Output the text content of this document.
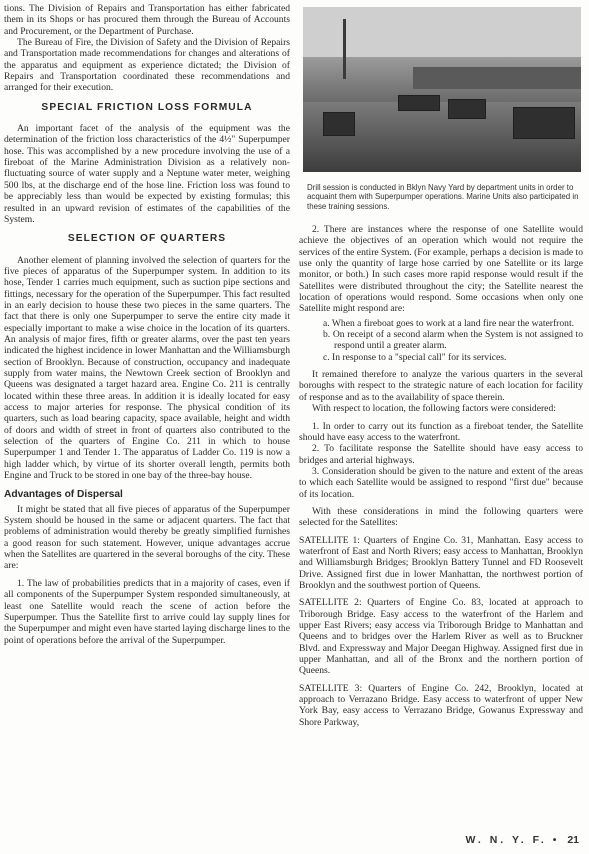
tions. The Division of Repairs and Transportation has either fabricated them in its Shops or has procured them through the Bureau of Accounts and Procurement, or the Department of Purchase.

The Bureau of Fire, the Division of Safety and the Division of Repairs and Transportation made recommendations for changes and alterations of the apparatus and equipment as experience dictated; the Division of Repairs and Transportation coordinated these recommendations and arranged for their execution.

SPECIAL FRICTION LOSS FORMULA

An important facet of the analysis of the equipment was the determination of the friction loss characteristics of the 4½" Superpumper hose. This was accomplished by a new procedure involving the use of a fireboat of the Marine Administration Division as a relatively non-fluctuating source of water supply and a Neptune water meter, weighing 500 lbs, at the discharge end of the hose line. Friction loss was found to be appreciably less than would be expected by existing formulas; this resulted in an upward revision of estimates of the capabilities of the System.

SELECTION OF QUARTERS

Another element of planning involved the selection of quarters for the five pieces of apparatus of the Superpumper system. In addition to its hose, Tender 1 carries much equipment, such as suction pipe sections and fittings, necessary for the operation of the Superpumper. This fact resulted in an early decision to house these two pieces in the same quarters. The fact that there is only one Superpumper to serve the entire city made it especially important to make a wise choice in the location of its quarters. An analysis of major fires, fifth or greater alarms, over the past ten years indicated the highest incidence in lower Manhattan and the Williamsburgh section of Brooklyn. Because of construction, occupancy and inadequate supply from water mains, the Newtown Creek section of Brooklyn and Queens was designated a target hazard area. Engine Co. 211 is centrally located within these three areas. In addition it is ideally located for easy access to major arteries for response. The physical condition of its quarters, such as load bearing capacity, space available, height and width of doors and width of street in front of quarters also contributed to the selection of the quarters of Engine Co. 211 in which to house Superpumper 1 and Tender 1. The apparatus of Ladder Co. 119 is now a high ladder which, by virtue of its shorter overall length, permits both Engine and Truck to be stored in one bay of the three-bay house.

Advantages of Dispersal

It might be stated that all five pieces of apparatus of the Superpumper System should be housed in the same or adjacent quarters. The fact that problems of administration would thereby be greatly simplified furnishes a good reason for such statement. However, unique advantages accrue when the Satellites are quartered in the several boroughs of the city. These are:

1. The law of probabilities predicts that in a majority of cases, even if all components of the Superpumper System responded simultaneously, at least one Satellite would reach the scene of action before the Superpumper. Thus the Satellite first to arrive could lay supply lines for the Superpumper and might even have started laying discharge lines to the point of operations before the arrival of the Superpumper.

Drill session is conducted in Bklyn Navy Yard by department units in order to acquaint them with Superpumper operations. Marine Units also participated in these training sessions.

2. There are instances where the response of one Satellite would achieve the objectives of an operation which would not require the services of the entire System. (For example, perhaps a decision is made to use only the quantity of large hose carried by one Satellite or its large monitor, or both.) In such cases more rapid response would result if the Satellites were distributed throughout the city; the Satellite nearest the location of operations would respond. Some occasions when only one Satellite might respond are:

a. When a fireboat goes to work at a land fire near the waterfront.
b. On receipt of a second alarm when the System is not assigned to respond until a greater alarm.
c. In response to a "special call" for its services.

It remained therefore to analyze the various quarters in the several boroughs with respect to the strategic nature of each location for facility of response and as to the availability of space therein.

With respect to location, the following factors were considered:

1. In order to carry out its function as a fireboat tender, the Satellite should have easy access to the waterfront.

2. To facilitate response the Satellite should have easy access to bridges and arterial highways.

3. Consideration should be given to the nature and extent of the areas to which each Satellite would be assigned to respond "first due" because of its location.

With these considerations in mind the following quarters were selected for the Satellites:

SATELLITE 1: Quarters of Engine Co. 31, Manhattan. Easy access to waterfront of East and North Rivers; easy access to Manhattan, Brooklyn and Williamsburgh Bridges; Brooklyn Battery Tunnel and FD Roosevelt Drive. Assigned first due in lower Manhattan, the northwest portion of Brooklyn and the southwest portion of Queens.

SATELLITE 2: Quarters of Engine Co. 83, located at approach to Triborough Bridge. Easy access to the waterfront of the Harlem and upper East Rivers; easy access via Triborough Bridge to Manhattan and Queens and to bridges over the Harlem River as well as to Bruckner Blvd. and Expressway and Major Deegan Highway. Assigned first due in upper Manhattan, and all of the Bronx and the northern portion of Queens.

SATELLITE 3: Quarters of Engine Co. 242, Brooklyn, located at approach to Verrazano Bridge. Easy access to waterfront of upper New York Bay, easy access to Verrazano Bridge, Gowanus Expressway and Shore Parkway,

W. N. Y. F. • 21
